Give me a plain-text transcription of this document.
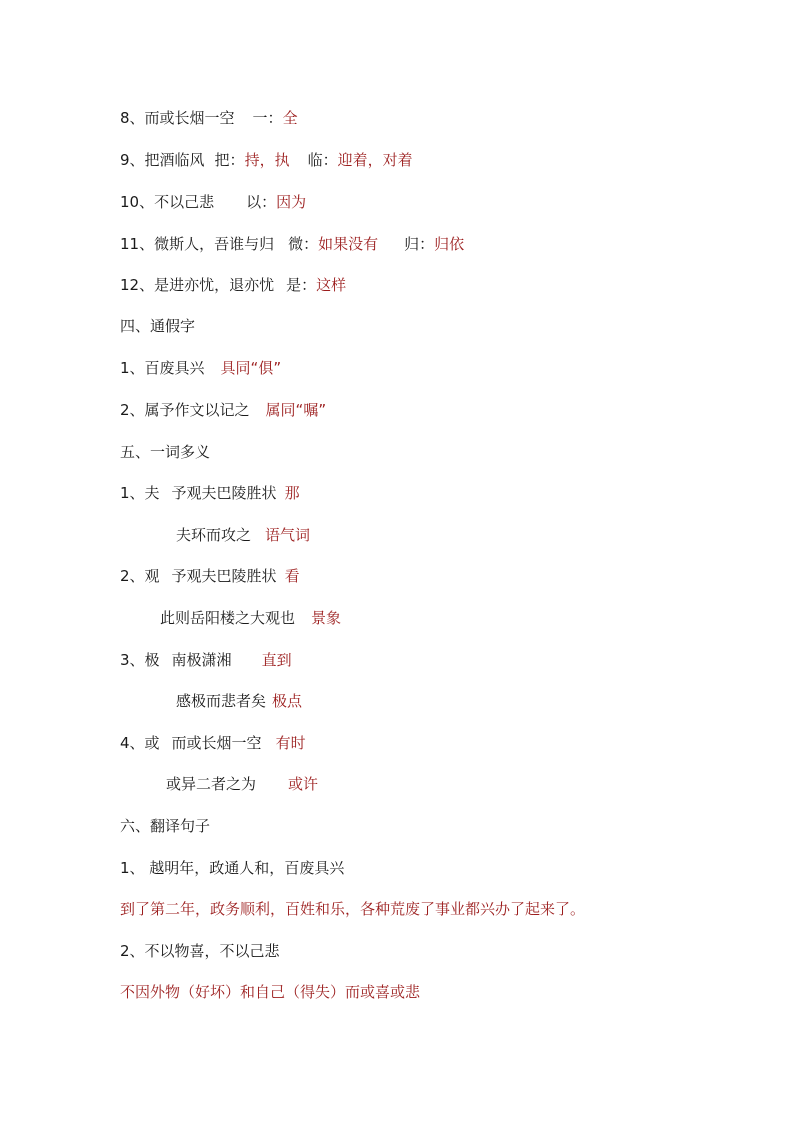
8、而或长烟一空 一：全
9、把酒临风 把：持，执 临：迎着，对着
10、不以己悲 以：因为
11、微斯人，吾谁与归 微：如果没有 归：归依
12、是进亦忧，退亦忧 是：这样
四、通假字
1、百废具兴 具同“俱”
2、属予作文以记之 属同“嘱”
五、一词多义
1、夫 予观夫巴陵胜状 那
夫环而攻之 语气词
2、观 予观夫巴陵胜状 看
此则岳阳楼之大观也 景象
3、极 南极潇湘 直到
感极而悲者矣 极点
4、或 而或长烟一空 有时
或异二者之为 或许
六、翻译句子
1、 越明年，政通人和，百废具兴
到了第二年，政务顺利，百姓和乐，各种荒废了事业都兴办了起来了。
2、不以物喜，不以己悲
不因外物（好坏）和自己（得失）而或喜或悲
